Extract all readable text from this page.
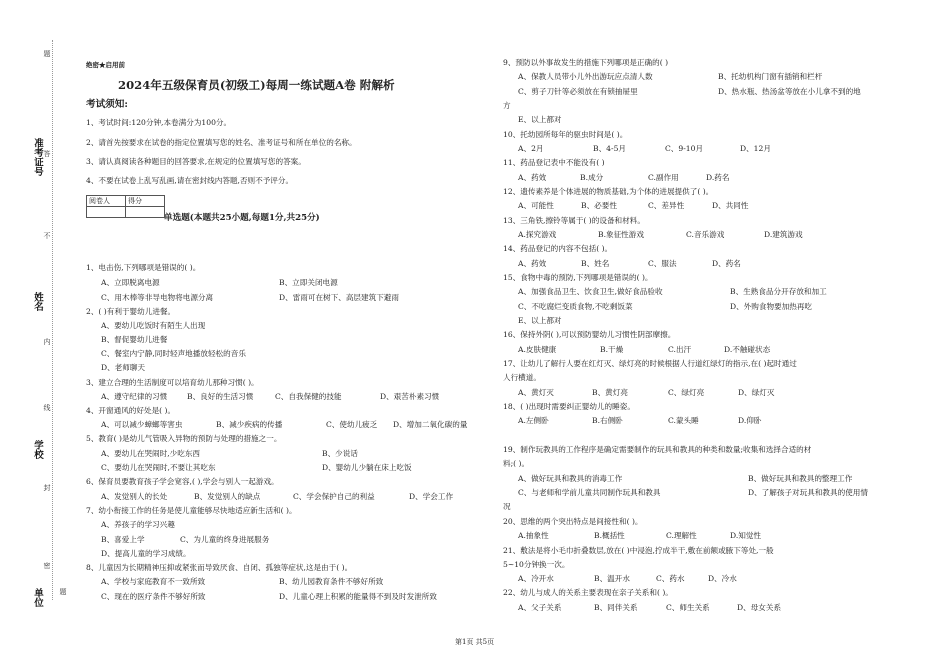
题
答
不
内
线
封
密
题
准考证号
姓名
学校
单位
绝密★启用前
2024年五级保育员(初级工)每周一练试题A卷 附解析
考试须知:
1、考试时间:120分钟,本卷满分为100分。
2、请首先按要求在试卷的指定位置填写您的姓名、准考证号和所在单位的名称。
3、请认真阅读各种题目的回答要求,在规定的位置填写您的答案。
4、不要在试卷上乱写乱画,请在密封线内答题,否则不予评分。
阅卷人	得分

单选题(本题共25小题,每题1分,共25分)
1、电击伤,下列哪项是错误的( )。
A、立即脱离电源	B、立即关闭电源
C、用木棒等非导电物将电源分离	D、雷雨可在树下、高层建筑下避雨
2、( )有利于婴幼儿进餐。
A、要幼儿吃饭时有陌生人出现
B、督促婴幼儿进餐
C、餐室内宁静,同时轻声地播放轻松的音乐
D、老师聊天
3、建立合理的生活制度可以培育幼儿那种习惯( )。
A、遵守纪律的习惯	B、良好的生活习惯	C、自我保健的技能	D、艰苦朴素习惯
4、开窗通风的好处是( )。
A、可以减少蟑螂等害虫	B、减少疾病的传播	C、使幼儿疲乏 D、增加二氧化碳的量
5、教育( )是幼儿气管吸入异物的预防与处理的措施之一。
A、要幼儿在哭闹时,少吃东西	B、少说话
C、要幼儿在哭闹时,不要让其吃东	D、婴幼儿少躺在床上吃饭
6、保育员要教育孩子学会宽容,( ),学会与别人一起游戏。
A、发觉别人的长处	B、发觉别人的缺点	C、学会保护自己的利益	D、学会工作
7、幼小衔接工作的任务是使儿童能够尽快地适应新生活和( )。
A、养孩子的学习兴趣
B、喜爱上学	C、为儿童的终身进展服务
D、提高儿童的学习成绩。
8、儿童因为长期精神压抑或紧张而导致厌食、自闭、孤独等症状,这是由于( )。
A、学校与家庭教育不一致所致	B、幼儿园教育条件不够好所致
C、现在的医疗条件不够好所致	D、儿童心理上积累的能量得不到及时发泄所致
9、预防以外事故发生的措施下列哪项是正确的( )
A、保教人员带小儿外出游玩应点清人数	B、托幼机构门窗有插销和栏杆
C、剪子刀针等必须放在有锁抽屉里	D、热水瓶、热汤盆等放在小儿拿不到的地
方
E、以上都对
10、托幼园所每年的驱虫时间是( )。
A、2月	B、4-5月	C、9-10月	D、12月
11、药品登记表中不能没有( )
A、药效	B.成分	C.副作用	D.药名
12、遗传素养是个体进展的物质基础,为个体的进展提供了( )。
A、可能性	B、必要性	C、差异性	D、共同性
13、三角铁,擦铃等属于( )的设备和材料。
A.探究游戏	B.象征性游戏	C.音乐游戏	D.建筑游戏
14、药品登记的内容不包括( )。
A、药效	B、姓名	C、服法	D、药名
15、食物中毒的预防,下列哪项是错误的( )。
A、加强食品卫生、饮食卫生,做好食品验收	B、生熟食品分开存放和加工
C、不吃腐烂变质食物,不吃剩饭菜	D、外购食物要加热再吃
E、以上都对
16、保持外阴( ),可以预防婴幼儿习惯性阴部摩擦。
A.皮肤健康	B.干燥	C.出汗	D.不触碰状态
17、让幼儿了解行人要在红灯灭、绿灯亮的时候根据人行道红绿灯的指示,在( )起时通过
人行横道。
A、黄灯灭	B、黄灯亮	C、绿灯亮	D、绿灯灭
18、( )出现时需要纠正婴幼儿的睡姿。
A.左侧卧	B.右侧卧	C.蒙头睡	D.仰卧
19、制作玩教具的工作程序是确定需要制作的玩具和教具的种类和数量;收集和选择合适的材
料;( )。
A、做好玩具和教具的消毒工作	B、做好玩具和教具的整理工作
C、与老师和学前儿童共同制作玩具和教具	D、了解孩子对玩具和教具的使用情
况
20、思维的两个突出特点是间接性和( )。
A.抽象性	B.概括性	C.理解性	D.知觉性
21、敷法是将小毛巾折叠数层,放在( )中浸泡,拧成半干,敷在前额或腋下等处,一般
5~10分钟换一次。
A、冷开水	B、温开水	C、药水	D、冷水
22、幼儿与成人的关系主要表现在亲子关系和( )。
A、父子关系	B、同伴关系	C、师生关系	D、母女关系
第1页 共5页
